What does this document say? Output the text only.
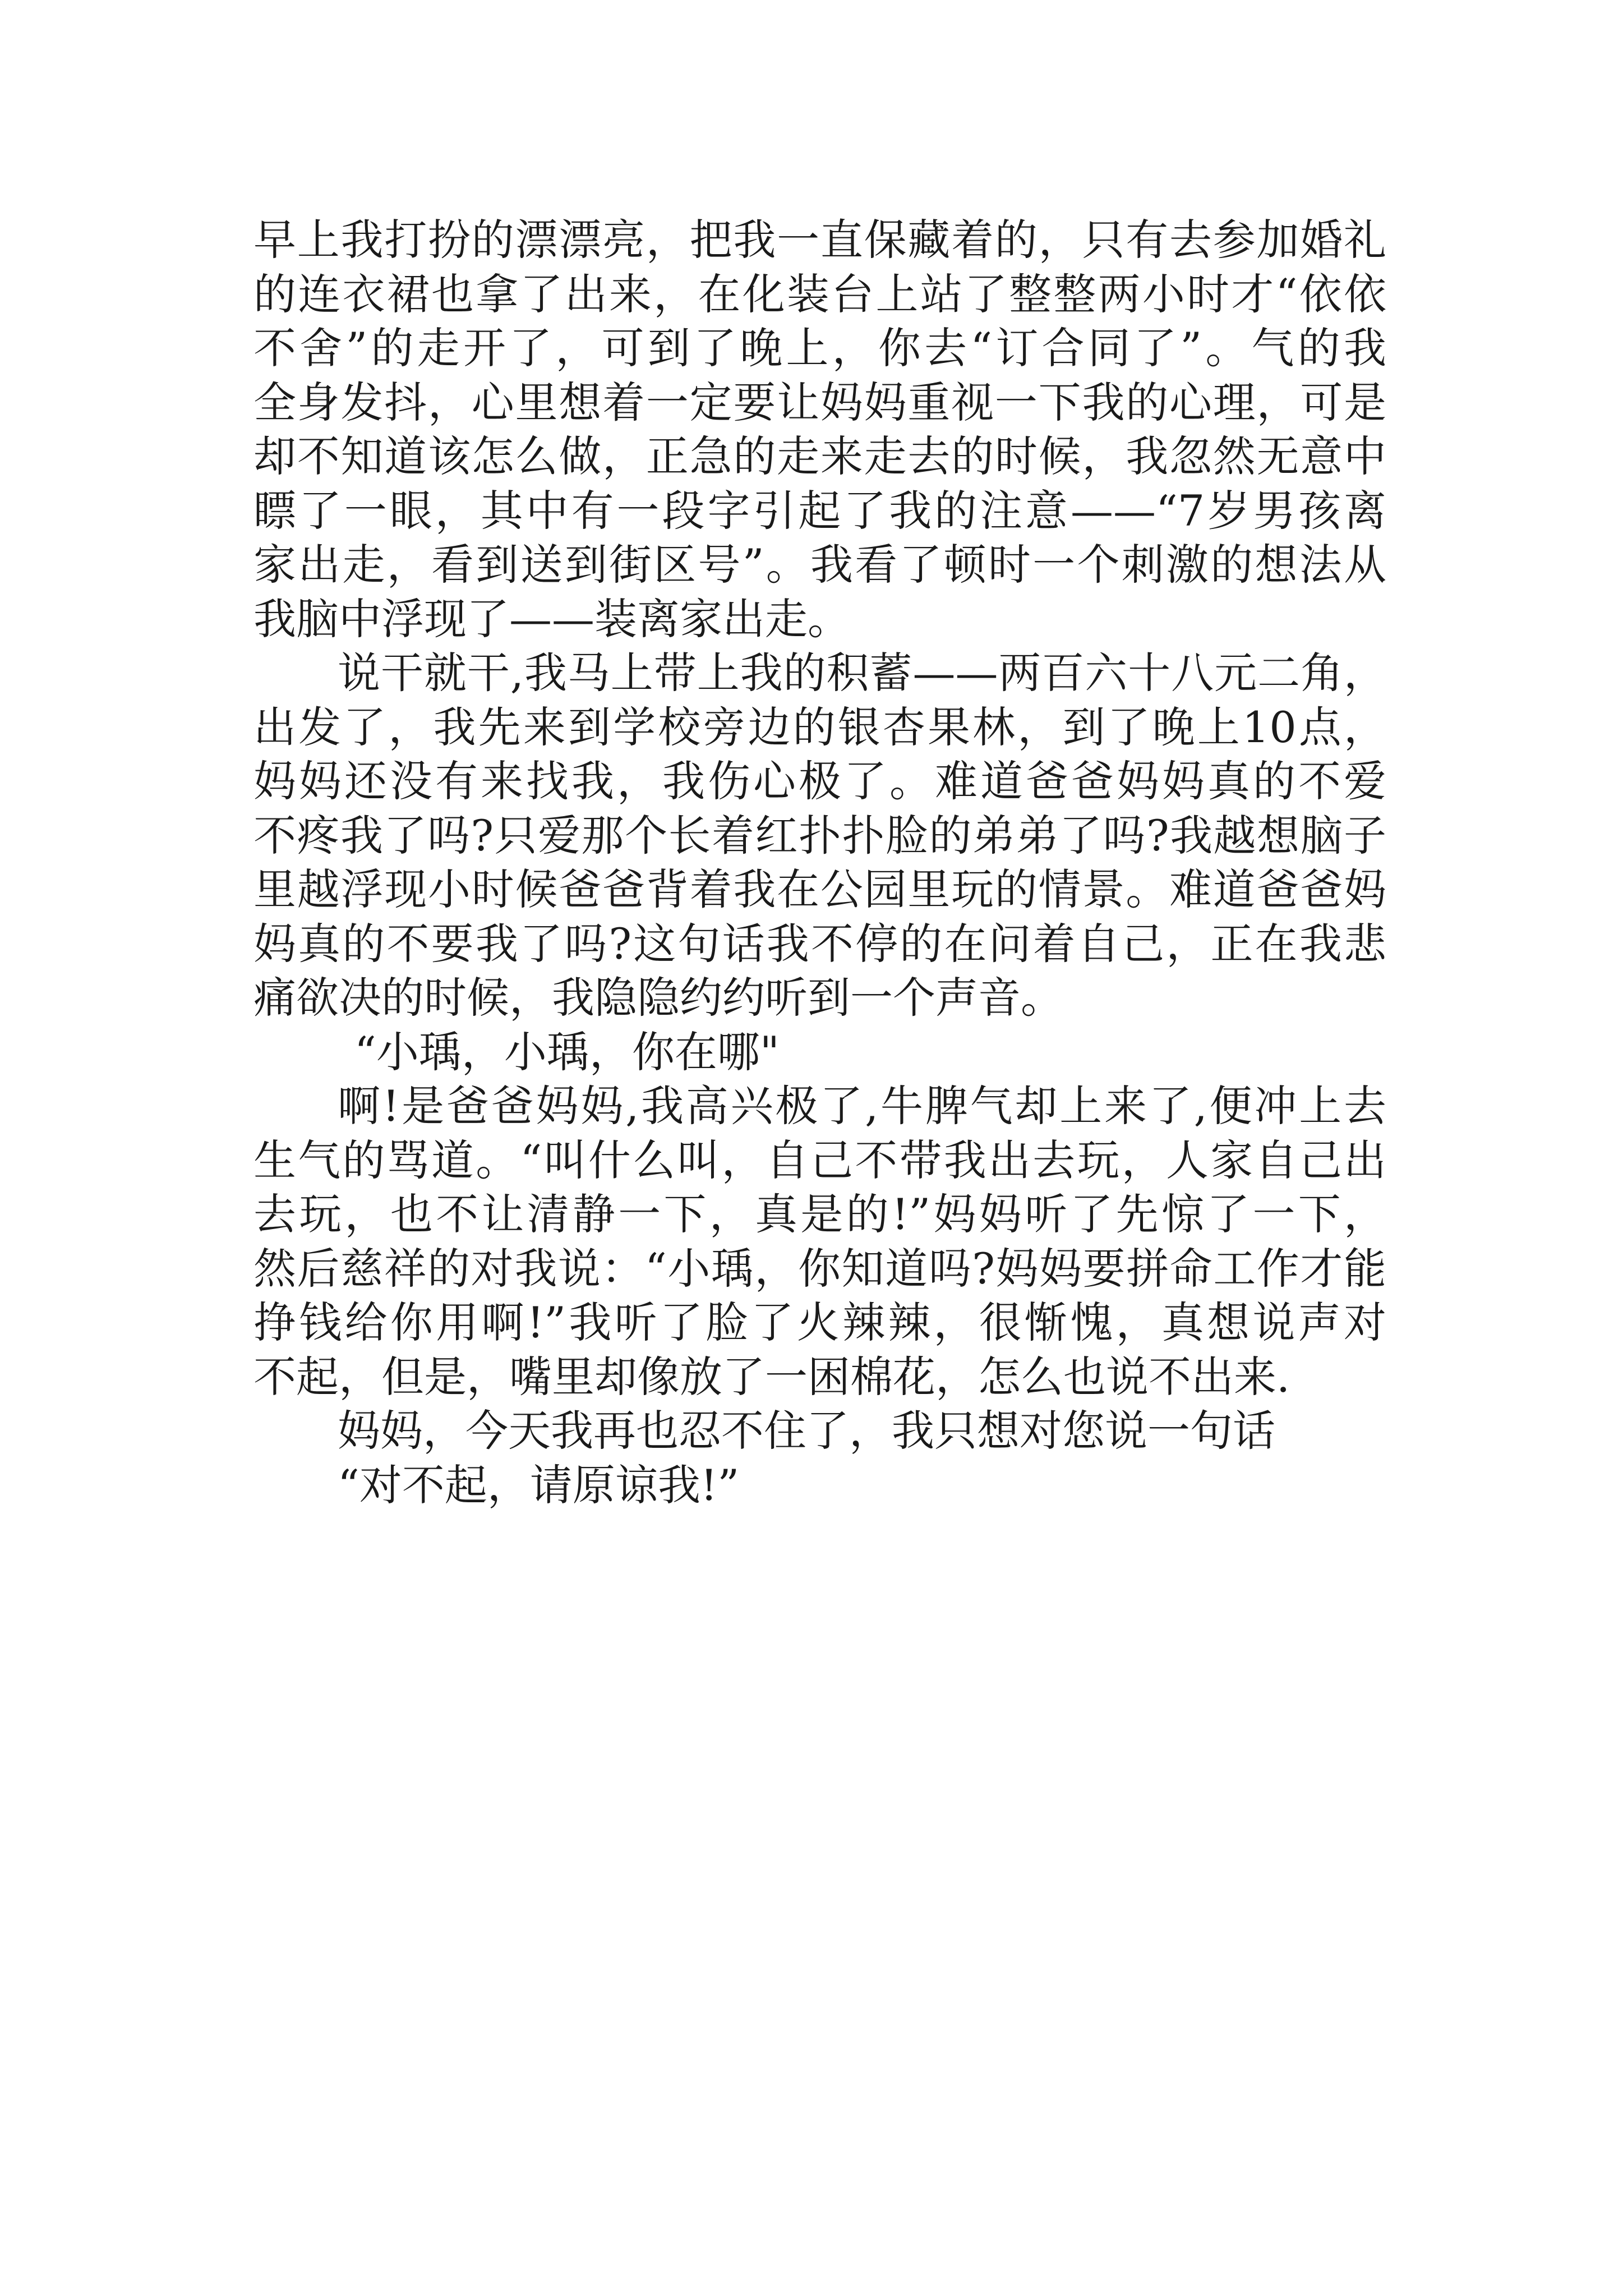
早上我打扮的漂漂亮，把我一直保藏着的，只有去参加婚礼
的连衣裙也拿了出来，在化装台上站了整整两小时才“依依
不舍”的走开了，可到了晚上，你去“订合同了”。气的我
全身发抖，心里想着一定要让妈妈重视一下我的心理，可是
却不知道该怎么做，正急的走来走去的时候，我忽然无意中
瞟了一眼，其中有一段字引起了我的注意——“7岁男孩离
家出走，看到送到街区号”。我看了顿时一个刺激的想法从
我脑中浮现了——装离家出走。
说干就干,我马上带上我的积蓄——两百六十八元二角，
出发了，我先来到学校旁边的银杏果林，到了晚上10点，
妈妈还没有来找我，我伤心极了。难道爸爸妈妈真的不爱
不疼我了吗?只爱那个长着红扑扑脸的弟弟了吗?我越想脑子
里越浮现小时候爸爸背着我在公园里玩的情景。难道爸爸妈
妈真的不要我了吗?这句话我不停的在问着自己，正在我悲
痛欲决的时候，我隐隐约约听到一个声音。
“小瑀，小瑀，你在哪"
啊!是爸爸妈妈,我高兴极了,牛脾气却上来了,便冲上去
生气的骂道。“叫什么叫，自己不带我出去玩，人家自己出
去玩，也不让清静一下，真是的!”妈妈听了先惊了一下，
然后慈祥的对我说：“小瑀，你知道吗?妈妈要拼命工作才能
挣钱给你用啊!”我听了脸了火辣辣，很惭愧，真想说声对
不起，但是，嘴里却像放了一困棉花，怎么也说不出来.
妈妈，今天我再也忍不住了，我只想对您说一句话
“对不起，请原谅我!”
